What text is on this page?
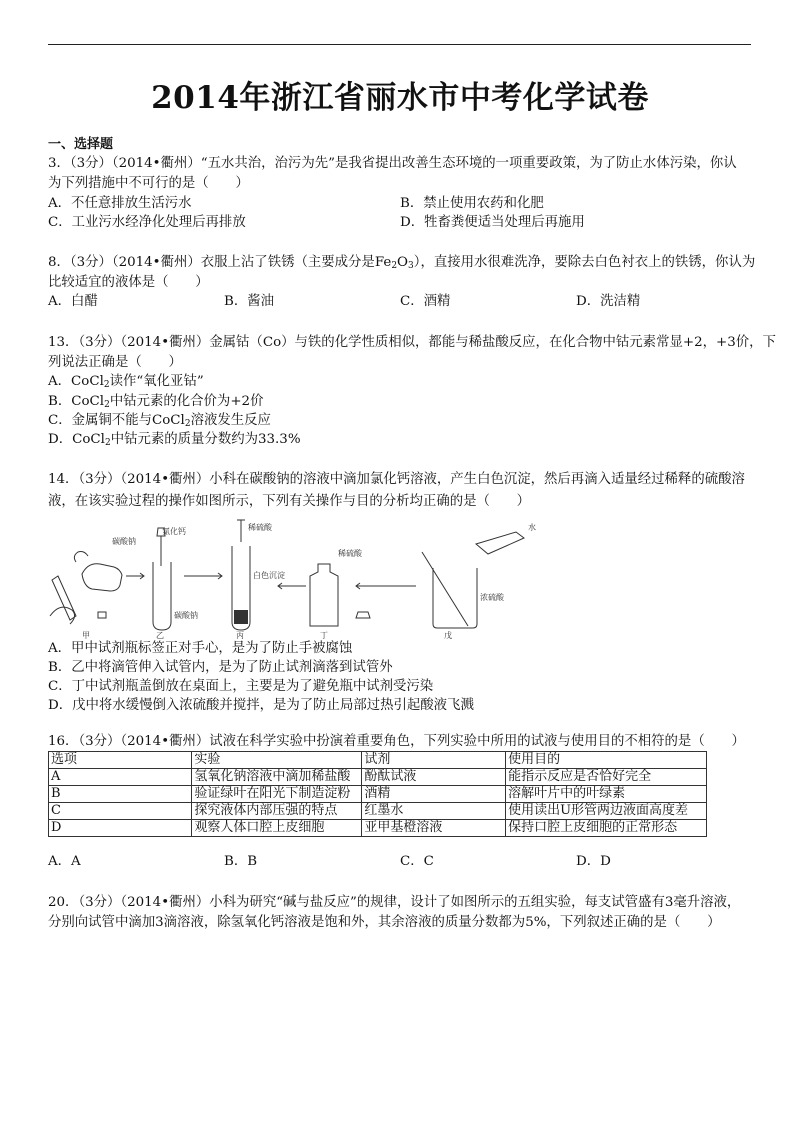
2014年浙江省丽水市中考化学试卷
一、选择题
3．（3分）（2014•衢州）“五水共治，治污为先”是我省提出改善生态环境的一项重要政策，为了防止水体污染，你认
为下列措施中不可行的是（　　）
A．不任意排放生活污水	B．禁止使用农药和化肥
C．工业污水经净化处理后再排放	D．牲畜粪便适当处理后再施用
8．（3分）（2014•衢州）衣服上沾了铁锈（主要成分是$Fe_2O_3$），直接用水很难洗净，要除去白色衬衣上的铁锈，你认为
比较适宜的液体是（　　）
A．白醋	B．酱油	C．酒精	D．洗洁精
13．（3分）（2014•衢州）金属钴（Co）与铁的化学性质相似，都能与稀盐酸反应，在化合物中钴元素常显+2，+3价，下
列说法正确是（　　）
A．CoCl$_2$读作“氧化亚钴”
B．CoCl$_2$中钴元素的化合价为+2价
C．金属铜不能与CoCl$_2$溶液发生反应
D．CoCl$_2$中钴元素的质量分数约为33.3%
14．（3分）（2014•衢州）小科在碳酸钠的溶液中滴加氯化钙溶液，产生白色沉淀，然后再滴入适量经过稀释的硫酸溶
液，在该实验过程的操作如图所示，下列有关操作与目的分析均正确的是（　　）
碳酸钠
氯化钙	稀硫酸
白色沉淀
碳酸钠
稀硫酸
水
浓硫酸
甲	乙	丙	丁	戊
A．甲中试剂瓶标签正对手心，是为了防止手被腐蚀
B．乙中将滴管伸入试管内，是为了防止试剂滴落到试管外
C．丁中试剂瓶盖倒放在桌面上，主要是为了避免瓶中试剂受污染
D．戊中将水缓慢倒入浓硫酸并搅拌，是为了防止局部过热引起酸液飞溅
16．（3分）（2014•衢州）试液在科学实验中扮演着重要角色，下列实验中所用的试液与使用目的不相符的是（　　）
选项	实验	试剂	使用目的
A	氢氧化钠溶液中滴加稀盐酸	酚酞试液	能指示反应是否恰好完全
B	验证绿叶在阳光下制造淀粉	酒精	溶解叶片中的叶绿素
C	探究液体内部压强的特点	红墨水	使用读出U形管两边液面高度差
D	观察人体口腔上皮细胞	亚甲基橙溶液	保持口腔上皮细胞的正常形态
A．A	B．B	C．C	D．D
20．（3分）（2014•衢州）小科为研究“碱与盐反应”的规律，设计了如图所示的五组实验，每支试管盛有3毫升溶液，
分别向试管中滴加3滴溶液，除氢氧化钙溶液是饱和外，其余溶液的质量分数都为5%，下列叙述正确的是（　　）
